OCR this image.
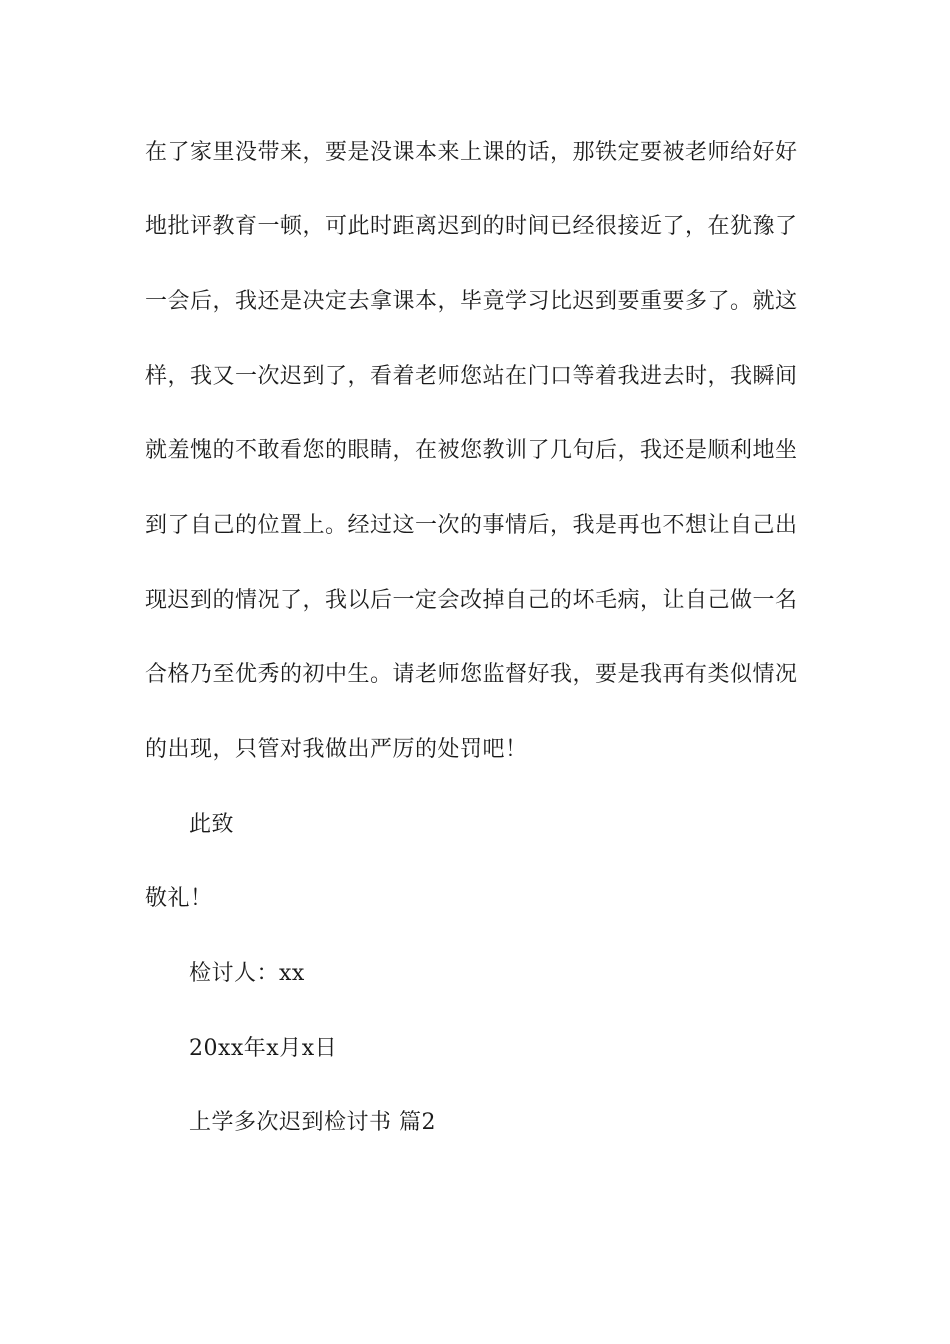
在了家里没带来，要是没课本来上课的话，那铁定要被老师给好好
地批评教育一顿，可此时距离迟到的时间已经很接近了，在犹豫了
一会后，我还是决定去拿课本，毕竟学习比迟到要重要多了。就这
样，我又一次迟到了，看着老师您站在门口等着我进去时，我瞬间
就羞愧的不敢看您的眼睛，在被您教训了几句后，我还是顺利地坐
到了自己的位置上。经过这一次的事情后，我是再也不想让自己出
现迟到的情况了，我以后一定会改掉自己的坏毛病，让自己做一名
合格乃至优秀的初中生。请老师您监督好我，要是我再有类似情况
的出现，只管对我做出严厉的处罚吧！
此致
敬礼！
检讨人：xx
20xx年x月x日
上学多次迟到检讨书 篇2
